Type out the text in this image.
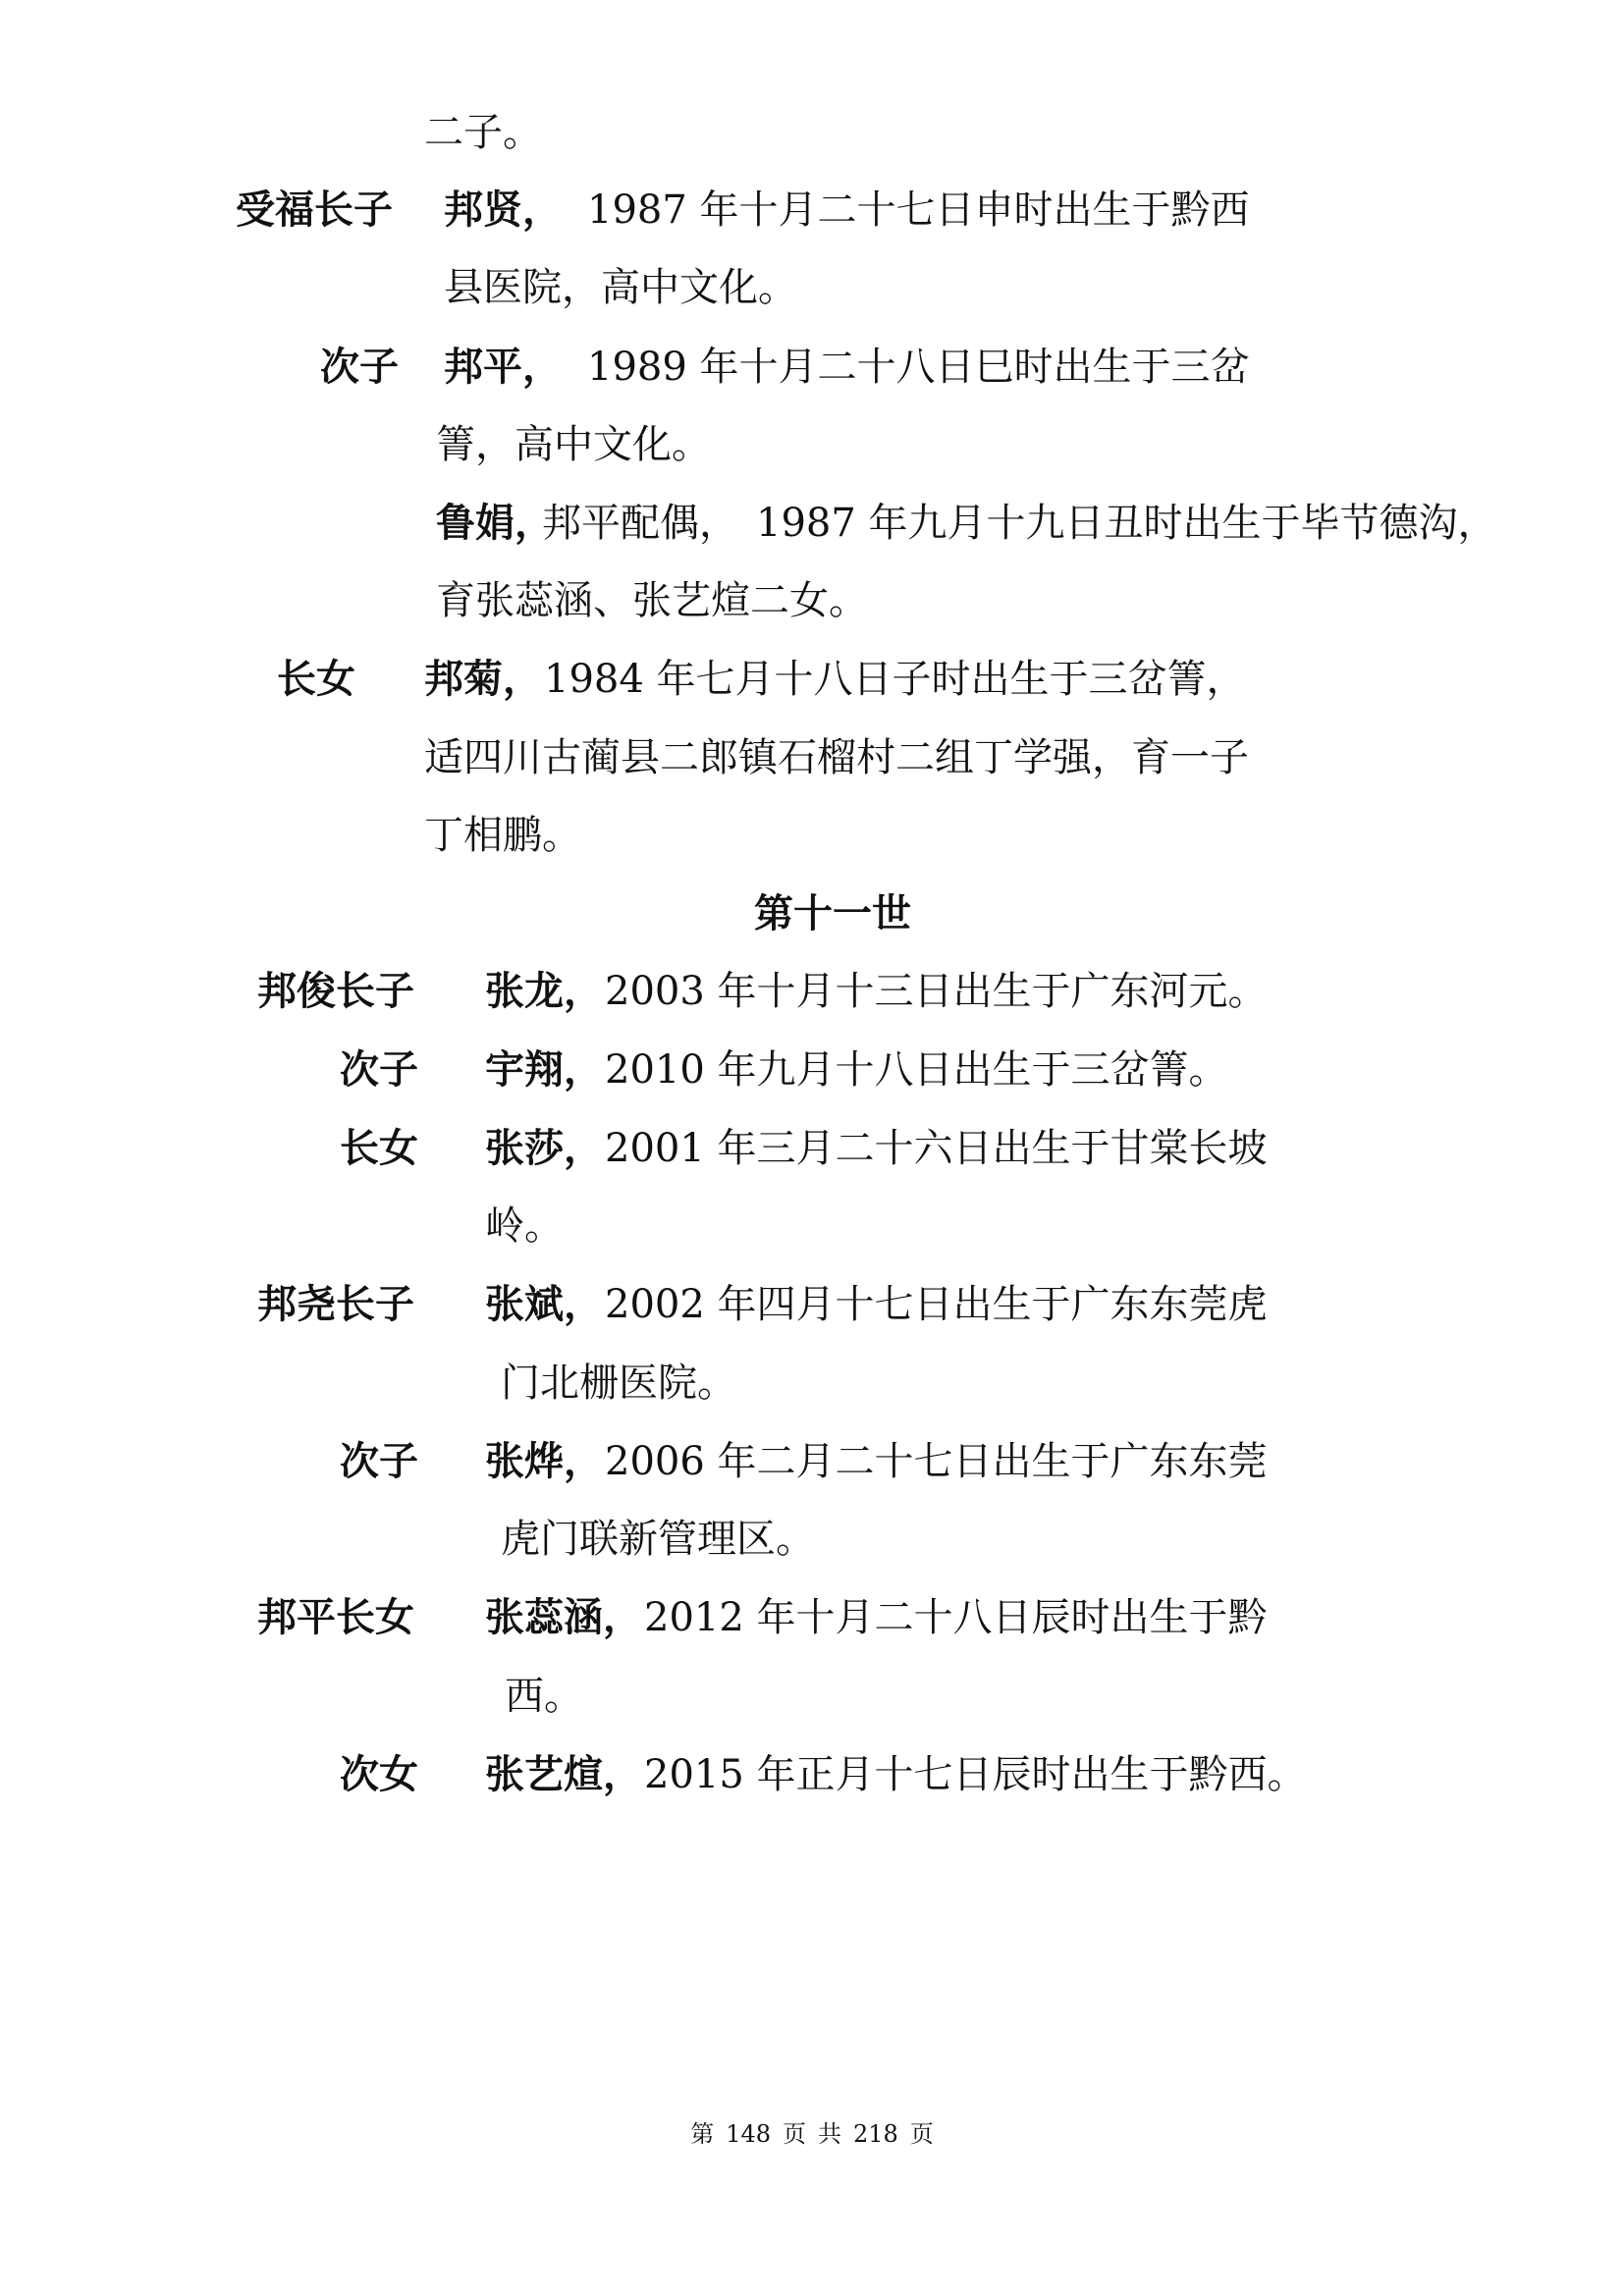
二子。
受福长子 邦贤， 1987 年十月二十七日申时出生于黔西
县医院，高中文化。
次子 邦平， 1989 年十月二十八日巳时出生于三岔
箐，高中文化。
鲁娟，
邦平配偶， 1987 年九月十九日丑时出生于毕节德沟，
育张蕊涵、张艺煊二女。
长女 邦菊， 1984 年七月十八日子时出生于三岔箐，
适四川古蔺县二郎镇石榴村二组丁学强，育一子
丁相鹏。
第十一世
邦俊长子 张龙， 2003 年十月十三日出生于广东河元。
次子 宇翔， 2010 年九月十八日出生于三岔箐。
长女 张莎， 2001 年三月二十六日出生于甘棠长坡
岭。
邦尧长子 张斌， 2002 年四月十七日出生于广东东莞虎
门北栅医院。
次子 张烨， 2006 年二月二十七日出生于广东东莞
虎门联新管理区。
邦平长女 张蕊涵， 2012 年十月二十八日辰时出生于黔
西。
次女 张艺煊， 2015 年正月十七日辰时出生于黔西。
第 148 页 共 218 页
